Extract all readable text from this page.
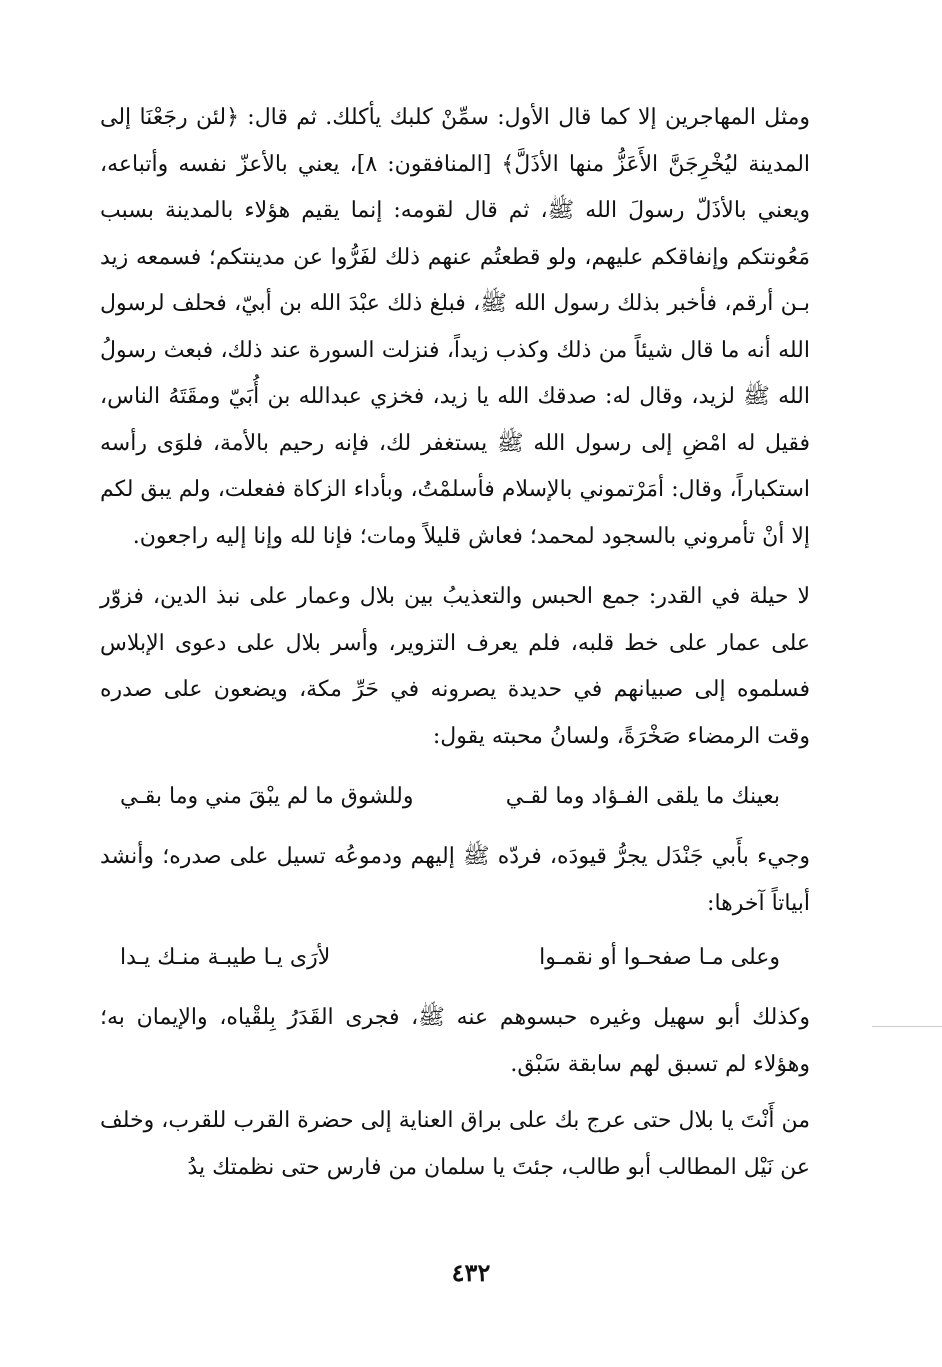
ومثل المهاجرين إلا كما قال الأول: سمِّنْ كلبك يأكلك. ثم قال: ﴿لئن رجَعْنَا إلى المدينة ليُخْرِجَنَّ الأَعَزُّ منها الأذَلَّ﴾ [المنافقون: ٨]، يعني بالأعزّ نفسه وأتباعه، ويعني بالأذَلّ رسولَ الله ﷺ، ثم قال لقومه: إنما يقيم هؤلاء بالمدينة بسبب مَعُونتكم وإنفاقكم عليهم، ولو قطعتُم عنهم ذلك لفَرُّوا عن مدينتكم؛ فسمعه زيد بـن أرقم، فأخبر بذلك رسول الله ﷺ، فبلغ ذلك عبْدَ الله بن أبيّ، فحلف لرسول الله أنه ما قال شيئاً من ذلك وكذب زيداً، فنزلت السورة عند ذلك، فبعث رسولُ الله ﷺ لزيد، وقال له: صدقك الله يا زيد، فخزي عبدالله بن أُبَيّ ومقَتَهُ الناس، فقيل له امْضِ إلى رسول الله ﷺ يستغفر لك، فإنه رحيم بالأمة، فلوَى رأسه استكباراً، وقال: أمَرْتموني بالإسلام فأسلمْتُ، وبأداء الزكاة ففعلت، ولم يبق لكم إلا أنْ تأمروني بالسجود لمحمد؛ فعاش قليلاً ومات؛ فإنا لله وإنا إليه راجعون.

لا حيلة في القدر: جمع الحبس والتعذيبُ بين بلال وعمار على نبذ الدين، فزوّر على عمار على خط قلبه، فلم يعرف التزوير، وأسر بلال على دعوى الإبلاس فسلموه إلى صبيانهم في حديدة يصرونه في حَرِّ مكة، ويضعون على صدره وقت الرمضاء صَخْرَةً، ولسانُ محبته يقول:

بعينك ما يلقى الفـؤاد وما لقـي
وللشوق ما لم يبْقَ مني وما بقـي

وجيء بأَبي جَنْدَل يجرُّ قيودَه، فردّه ﷺ إليهم ودموعُه تسيل على صدره؛ وأنشد أبياتاً آخرها:

وعلى مـا صفحـوا أو نقمـوا
لأرَى يـا طيبـة منـك يـدا

وكذلك أبو سهيل وغيره حبسوهم عنه ﷺ، فجرى القَدَرُ بِلقْياه، والإيمان به؛ وهؤلاء لم تسبق لهم سابقة سَبْق.

من أَنْتَ يا بلال حتى عرج بك على براق العناية إلى حضرة القرب للقرب، وخلف عن نَيْل المطالب أبو طالب، جئتَ يا سلمان من فارس حتى نظمتك يدُ

٤٣٢
